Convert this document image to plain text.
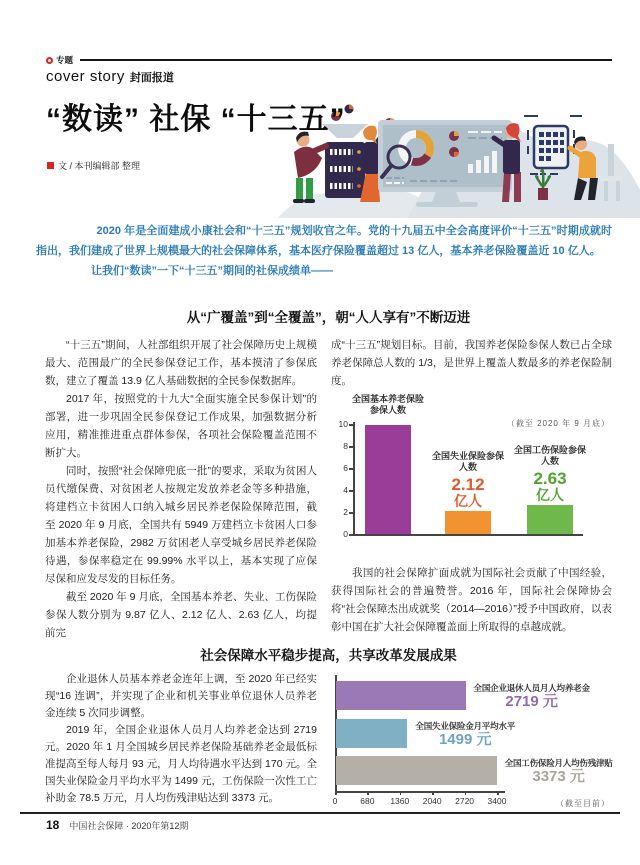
专题
cover story 封面报道
“数读” 社保 “十三五”
文 / 本刊编辑部 整理

2020 年是全面建成小康社会和“十三五”规划收官之年。党的十九届五中全会高度评价“十三五”时期成就时指出，我们建成了世界上规模最大的社会保障体系，基本医疗保险覆盖超过 13 亿人，基本养老保险覆盖近 10 亿人。

让我们“数读”一下“十三五”期间的社保成绩单——

从“广覆盖”到“全覆盖”，朝“人人享有”不断迈进

“十三五”期间，人社部组织开展了社会保障历史上规模最大、范围最广的全民参保登记工作，基本摸清了参保底数，建立了覆盖 13.9 亿人基础数据的全民参保数据库。

2017 年，按照党的十九大“全面实施全民参保计划”的部署，进一步巩固全民参保登记工作成果，加强数据分析应用，精准推进重点群体参保，各项社会保险覆盖范围不断扩大。

同时，按照“社会保障兜底一批”的要求，采取为贫困人员代缴保费、对贫困老人按规定发放养老金等多种措施，将建档立卡贫困人口纳入城乡居民养老保险保障范围，截至 2020 年 9 月底，全国共有 5949 万建档立卡贫困人口参加基本养老保险，2982 万贫困老人享受城乡居民养老保险待遇，参保率稳定在 99.99% 水平以上，基本实现了应保尽保和应发尽发的目标任务。

截至 2020 年 9 月底，全国基本养老、失业、工伤保险参保人数分别为 9.87 亿人、2.12 亿人、2.63 亿人，均提前完

成“十三五”规划目标。目前，我国养老保险参保人数已占全球养老保障总人数的 1/3，是世界上覆盖人数最多的养老保险制度。

（截至 2020 年 9 月底）
全国基本养老保险参保人数
全国失业保险参保人数
全国工伤保险参保人数
2.12
亿人
2.63
亿人
0
2
4
6
8
10

我国的社会保障扩面成就为国际社会贡献了中国经验，获得国际社会的普遍赞誉。2016 年，国际社会保障协会将“社会保障杰出成就奖（2014—2016）”授予中国政府，以表彰中国在扩大社会保障覆盖面上所取得的卓越成就。

社会保障水平稳步提高，共享改革发展成果

企业退休人员基本养老金连年上调，至 2020 年已经实现“16 连调”，并实现了企业和机关事业单位退休人员养老金连续 5 次同步调整。

2019 年，全国企业退休人员月人均养老金达到 2719 元。2020 年 1 月全国城乡居民养老保险基础养老金最低标准提高至每人每月 93 元，月人均待遇水平达到 170 元。全国失业保险金月平均水平为 1499 元，工伤保险一次性工亡补助金 78.5 万元，月人均伤残津贴达到 3373 元。

全国企业退休人员月人均养老金
2719 元
全国失业保险金月平均水平
1499 元
全国工伤保险月人均伤残津贴
3373 元
（截至目前）
0	680	1360	2040	2720	3400
18 中国社会保障 · 2020年第12期
